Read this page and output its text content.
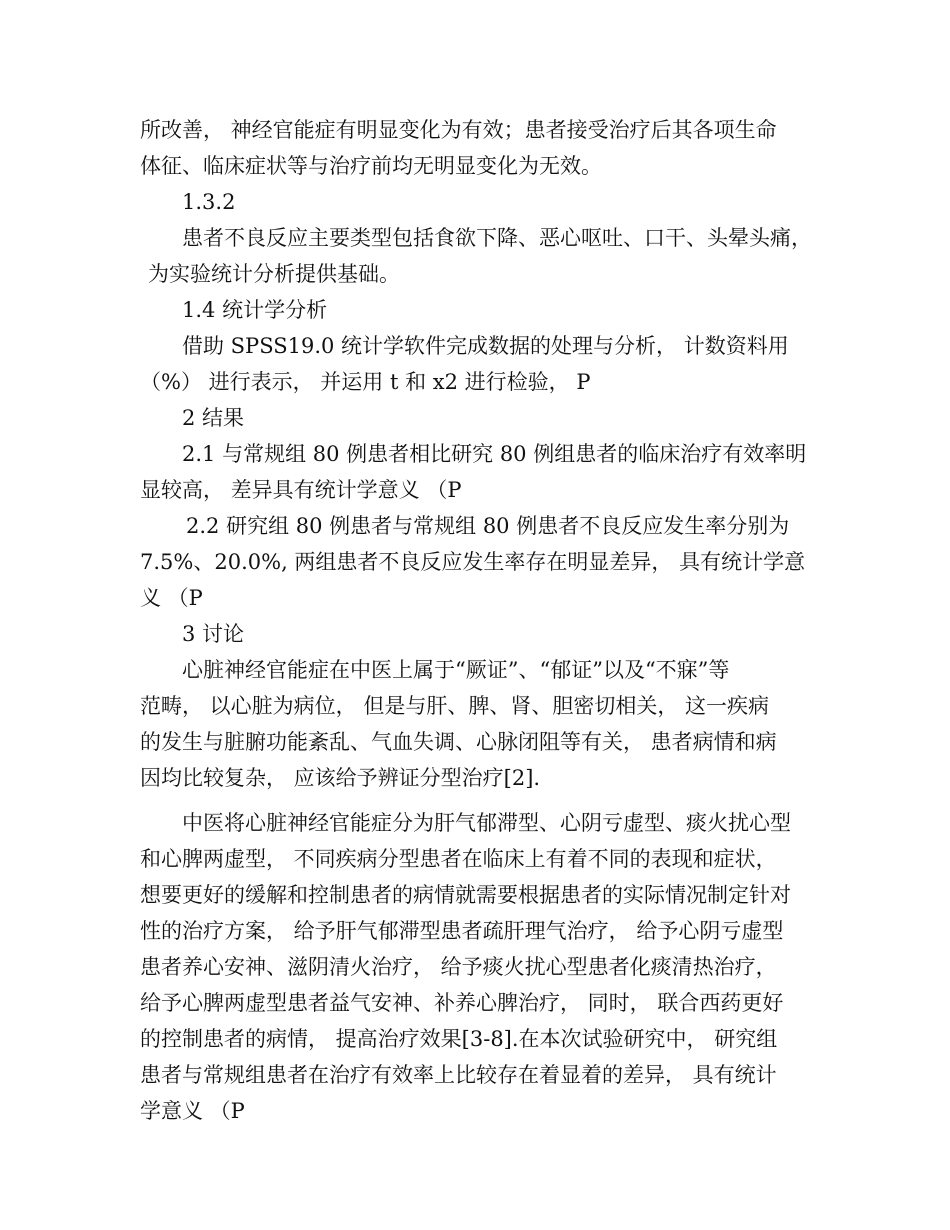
所改善， 神经官能症有明显变化为有效；患者接受治疗后其各项生命
体征、临床症状等与治疗前均无明显变化为无效。
1.3.2
患者不良反应主要类型包括食欲下降、恶心呕吐、口干、头晕头痛，
为实验统计分析提供基础。
1.4 统计学分析
借助 SPSS19.0 统计学软件完成数据的处理与分析， 计数资料用
（%） 进行表示， 并运用 t 和 x2 进行检验， P
2 结果
2.1 与常规组 80 例患者相比研究 80 例组患者的临床治疗有效率明
显较高， 差异具有统计学意义 （P
2.2 研究组 80 例患者与常规组 80 例患者不良反应发生率分别为
7.5%、20.0%, 两组患者不良反应发生率存在明显差异， 具有统计学意
义 （P
3 讨论
心脏神经官能症在中医上属于“厥证”、“郁证”以及“不寐”等
范畴， 以心脏为病位， 但是与肝、脾、肾、胆密切相关， 这一疾病
的发生与脏腑功能紊乱、气血失调、心脉闭阻等有关， 患者病情和病
因均比较复杂， 应该给予辨证分型治疗[2].
中医将心脏神经官能症分为肝气郁滞型、心阴亏虚型、痰火扰心型
和心脾两虚型， 不同疾病分型患者在临床上有着不同的表现和症状，
想要更好的缓解和控制患者的病情就需要根据患者的实际情况制定针对
性的治疗方案， 给予肝气郁滞型患者疏肝理气治疗， 给予心阴亏虚型
患者养心安神、滋阴清火治疗， 给予痰火扰心型患者化痰清热治疗，
给予心脾两虚型患者益气安神、补养心脾治疗， 同时， 联合西药更好
的控制患者的病情， 提高治疗效果[3-8].在本次试验研究中， 研究组
患者与常规组患者在治疗有效率上比较存在着显着的差异， 具有统计
学意义 （P
